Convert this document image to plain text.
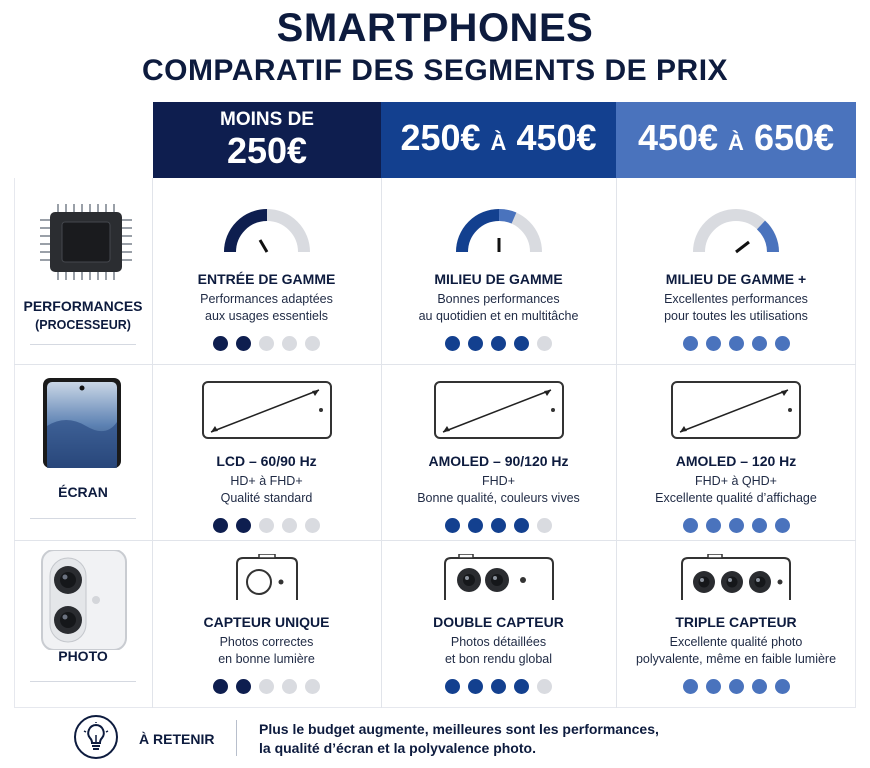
SMARTPHONES
COMPARATIF DES SEGMENTS DE PRIX
MOINS DE
250€	250€ À 450€ 450€ À 650€
PERFORMANCES
(PROCESSEUR)
ENTRÉE DE GAMME
Performances adaptées
aux usages essentiels
MILIEU DE GAMME
Bonnes performances
au quotidien et en multitâche
MILIEU DE GAMME +
Excellentes performances
pour toutes les utilisations
ÉCRAN
LCD – 60/90 Hz
HD+ à FHD+
Qualité standard
AMOLED – 90/120 Hz
FHD+
Bonne qualité, couleurs vives
AMOLED – 120 Hz
FHD+ à QHD+
Excellente qualité d’affichage
PHOTO
CAPTEUR UNIQUE
Photos correctes
en bonne lumière
DOUBLE CAPTEUR
Photos détaillées
et bon rendu global
TRIPLE CAPTEUR
Excellente qualité photo
polyvalente, même en faible lumière
À RETENIR
Plus le budget augmente, meilleures sont les performances,
la qualité d’écran et la polyvalence photo.
